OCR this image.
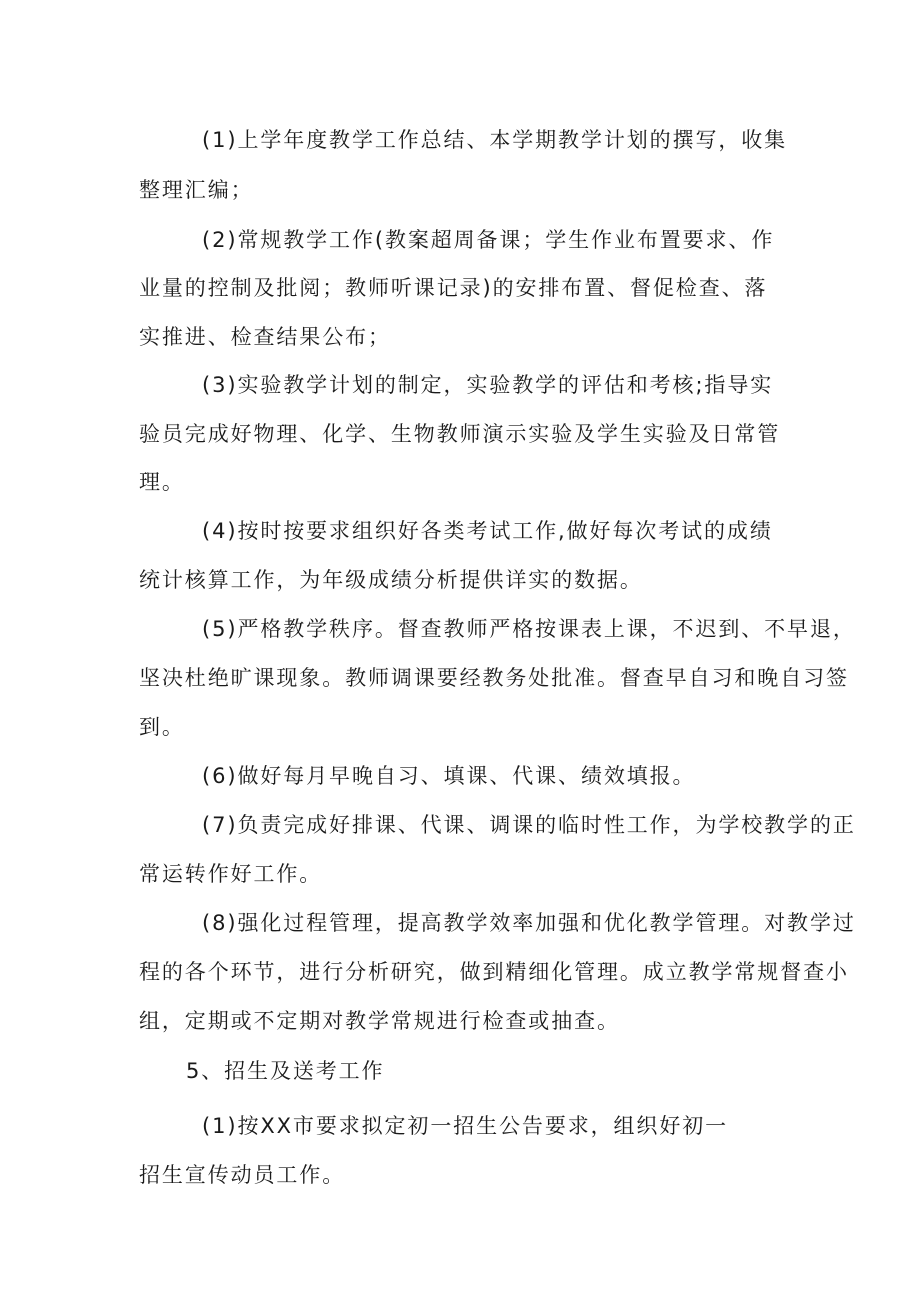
(1)上学年度教学工作总结、本学期教学计划的撰写，收集

整理汇编；

(2)常规教学工作(教案超周备课；学生作业布置要求、作

业量的控制及批阅；教师听课记录)的安排布置、督促检查、落

实推进、检查结果公布；

(3)实验教学计划的制定，实验教学的评估和考核;指导实

验员完成好物理、化学、生物教师演示实验及学生实验及日常管

理。

(4)按时按要求组织好各类考试工作,做好每次考试的成绩

统计核算工作，为年级成绩分析提供详实的数据。

(5)严格教学秩序。督查教师严格按课表上课，不迟到、不早退，

坚决杜绝旷课现象。教师调课要经教务处批准。督查早自习和晚自习签

到。

(6)做好每月早晚自习、填课、代课、绩效填报。

(7)负责完成好排课、代课、调课的临时性工作，为学校教学的正

常运转作好工作。

(8)强化过程管理，提高教学效率加强和优化教学管理。对教学过

程的各个环节，进行分析研究，做到精细化管理。成立教学常规督查小

组，定期或不定期对教学常规进行检查或抽查。

5、招生及送考工作

(1)按XX市要求拟定初一招生公告要求，组织好初一

招生宣传动员工作。
